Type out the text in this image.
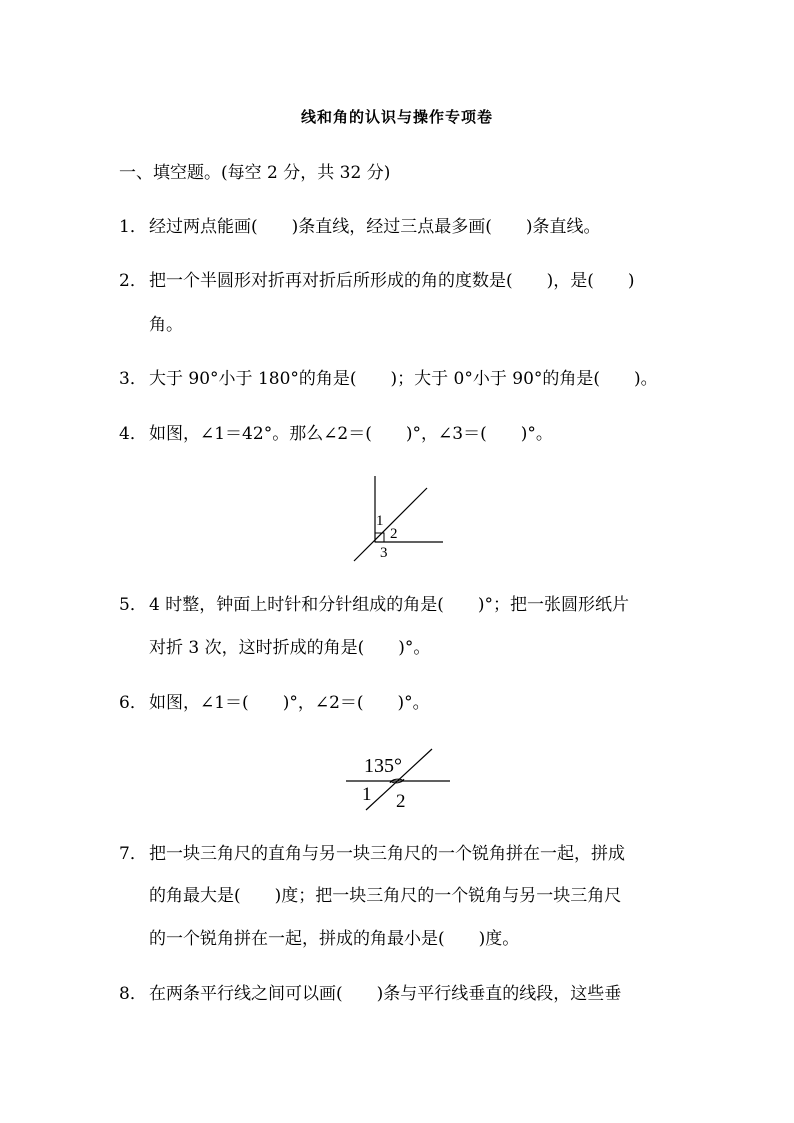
线和角的认识与操作专项卷
一、填空题。(每空 2 分，共 32 分)
1． 经过两点能画(　　)条直线，经过三点最多画(　　)条直线。
2． 把一个半圆形对折再对折后所形成的角的度数是(　　)，是(　　)
角。
3． 大于 90°小于 180°的角是(　　)；大于 0°小于 90°的角是(　　)。
4． 如图，∠1＝42°。那么∠2＝(　　)°，∠3＝(　　)°。
1
2
3
5． 4 时整，钟面上时针和分针组成的角是(　　)°；把一张圆形纸片
对折 3 次，这时折成的角是(　　)°。
6． 如图，∠1＝(　　)°，∠2＝(　　)°。
135°
1 2
7． 把一块三角尺的直角与另一块三角尺的一个锐角拼在一起，拼成
的角最大是(　　)度；把一块三角尺的一个锐角与另一块三角尺
的一个锐角拼在一起，拼成的角最小是(　　)度。
8． 在两条平行线之间可以画(　　)条与平行线垂直的线段，这些垂
